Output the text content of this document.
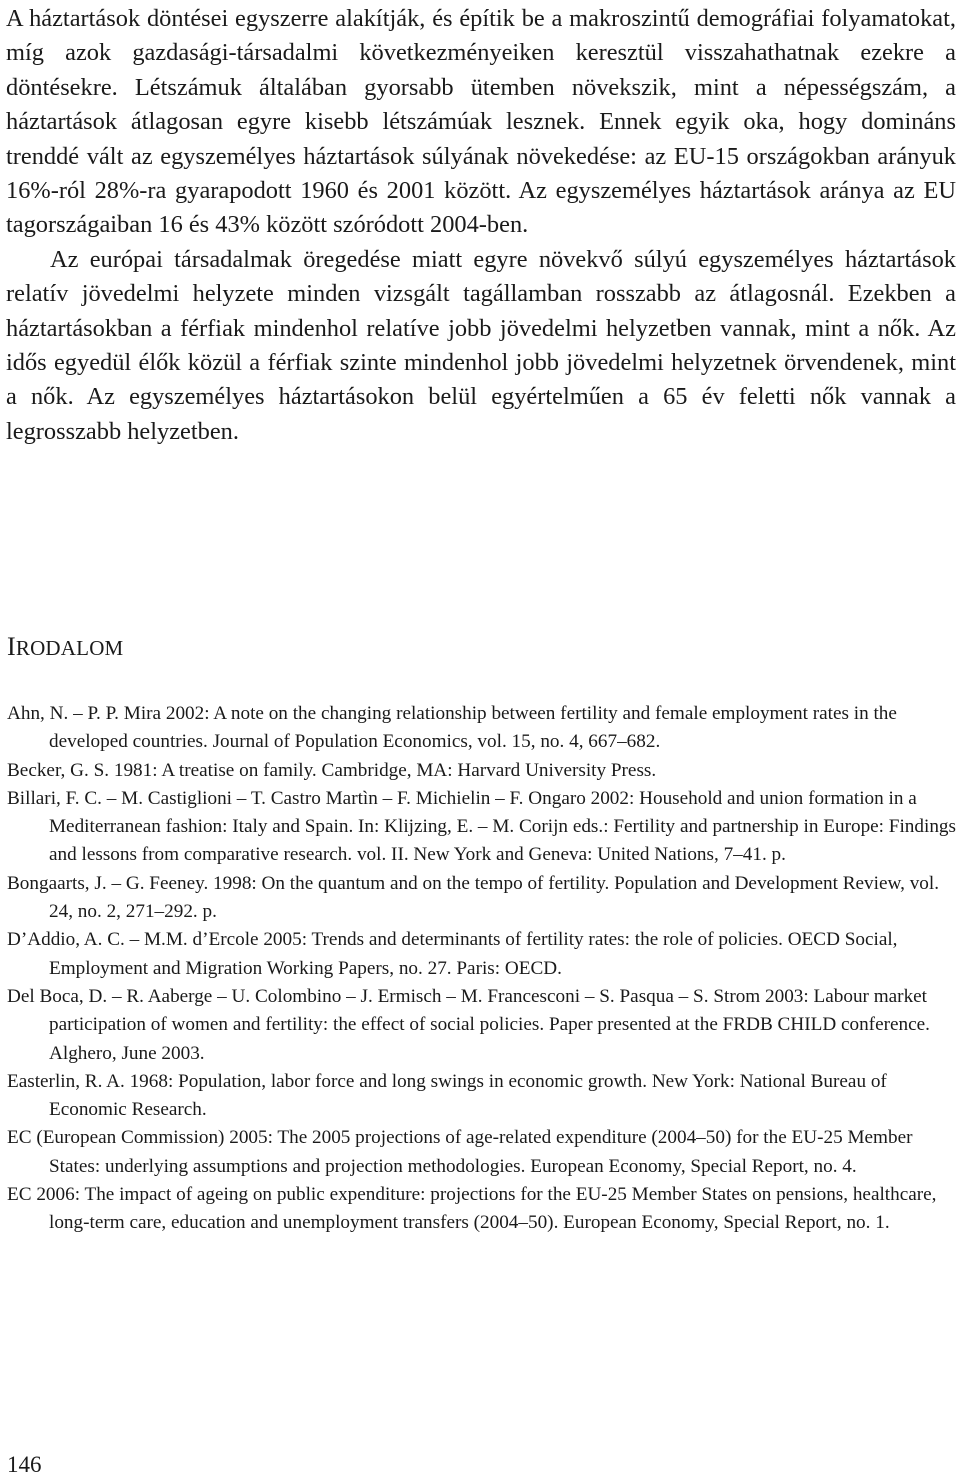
A háztartások döntései egyszerre alakítják, és építik be a makroszintű demográfiai folyamatokat, míg azok gazdasági-társadalmi következményeiken keresztül visszahathatnak ezekre a döntésekre. Létszámuk általában gyorsabb ütemben növekszik, mint a népességszám, a háztartások átlagosan egyre kisebb létszámúak lesznek. Ennek egyik oka, hogy domináns trenddé vált az egyszemélyes háztartások súlyának növekedése: az EU-15 országokban arányuk 16%-ról 28%-ra gyarapodott 1960 és 2001 között. Az egyszemélyes háztartások aránya az EU tagországaiban 16 és 43% között szóródott 2004-ben.

Az európai társadalmak öregedése miatt egyre növekvő súlyú egyszemélyes háztartások relatív jövedelmi helyzete minden vizsgált tagállamban rosszabb az átlagosnál. Ezekben a háztartásokban a férfiak mindenhol relatíve jobb jövedelmi helyzetben vannak, mint a nők. Az idős egyedül élők közül a férfiak szinte mindenhol jobb jövedelmi helyzetnek örvendenek, mint a nők. Az egyszemélyes háztartásokon belül egyértelműen a 65 év feletti nők vannak a legrosszabb helyzetben.

IRODALOM

Ahn, N. – P. P. Mira 2002: A note on the changing relationship between fertility and female employment rates in the developed countries. Journal of Population Economics, vol. 15, no. 4, 667–682.

Becker, G. S. 1981: A treatise on family. Cambridge, MA: Harvard University Press.

Billari, F. C. – M. Castiglioni – T. Castro Martìn – F. Michielin – F. Ongaro 2002: Household and union formation in a Mediterranean fashion: Italy and Spain. In: Klijzing, E. – M. Corijn eds.: Fertility and partnership in Europe: Findings and lessons from comparative research. vol. II. New York and Geneva: United Nations, 7–41. p.

Bongaarts, J. – G. Feeney. 1998: On the quantum and on the tempo of fertility. Population and Development Review, vol. 24, no. 2, 271–292. p.

D’Addio, A. C. – M.M. d’Ercole 2005: Trends and determinants of fertility rates: the role of policies. OECD Social, Employment and Migration Working Papers, no. 27. Paris: OECD.

Del Boca, D. – R. Aaberge – U. Colombino – J. Ermisch – M. Francesconi – S. Pasqua – S. Strom 2003: Labour market participation of women and fertility: the effect of social policies. Paper presented at the FRDB CHILD conference. Alghero, June 2003.

Easterlin, R. A. 1968: Population, labor force and long swings in economic growth. New York: National Bureau of Economic Research.

EC (European Commission) 2005: The 2005 projections of age-related expenditure (2004–50) for the EU-25 Member States: underlying assumptions and projection methodologies. European Economy, Special Report, no. 4.

EC 2006: The impact of ageing on public expenditure: projections for the EU-25 Member States on pensions, healthcare, long-term care, education and unemployment transfers (2004–50). European Economy, Special Report, no. 1.

146
